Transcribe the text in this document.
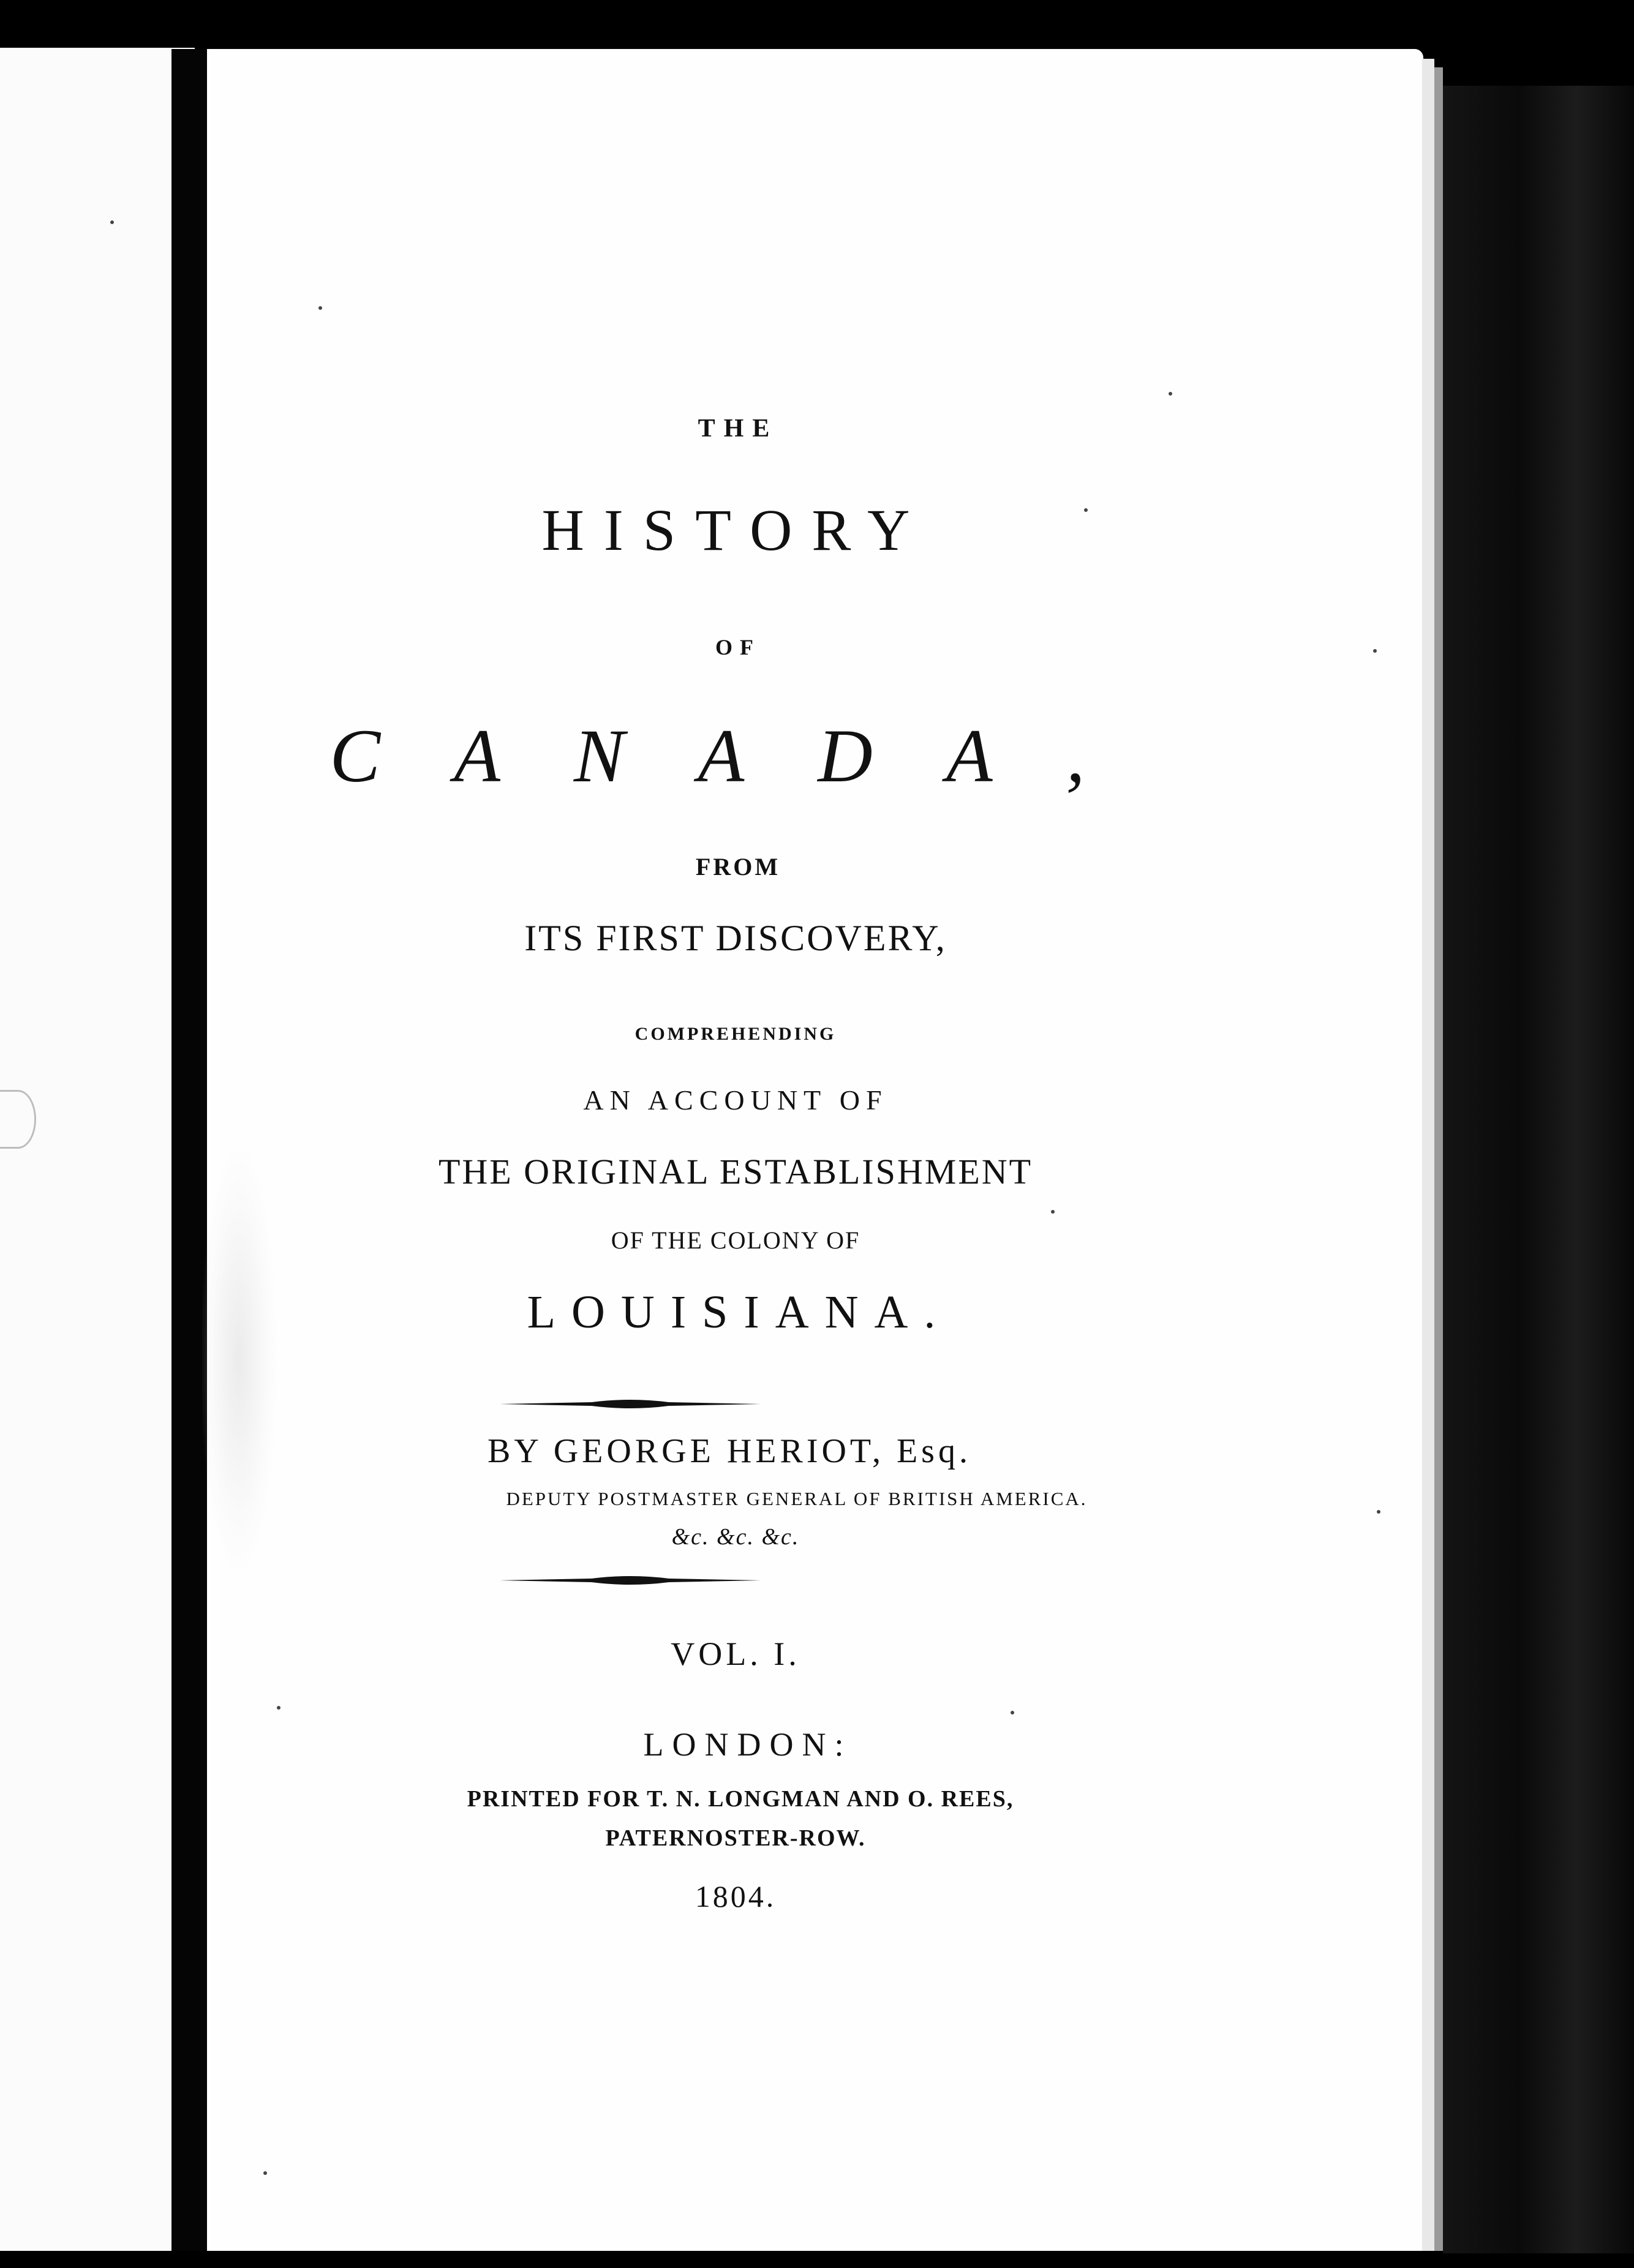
THE
HISTORY
OF
CANADA,
FROM
ITS FIRST DISCOVERY,
COMPREHENDING
AN ACCOUNT OF
THE ORIGINAL ESTABLISHMENT
OF THE COLONY OF
LOUISIANA.
BY GEORGE HERIOT, Esq.
DEPUTY POSTMASTER GENERAL OF BRITISH AMERICA.
&c. &c. &c.
VOL. I.
LONDON:
PRINTED FOR T. N. LONGMAN AND O. REES,
PATERNOSTER-ROW.
1804.
